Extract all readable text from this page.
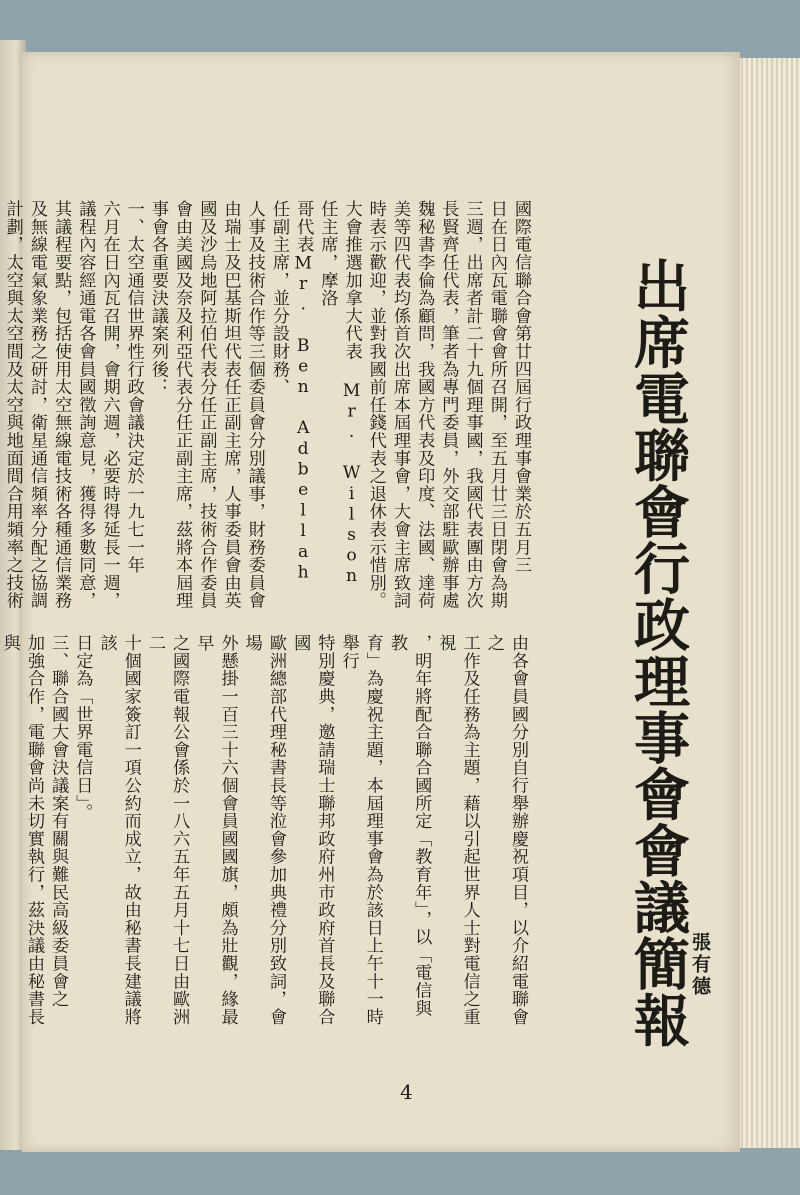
出席電聯會行政理事會會議簡報
張有德

國際電信聯合會第廿四屆行政理事會業於五月三

日在日內瓦電聯會會所召開，至五月廿三日閉會為期

三週，出席者計二十九個理事國，我國代表團由方次

長賢齊任代表，筆者為專門委員，外交部駐歐辦事處

魏秘書李倫為顧問，我國方代表及印度、法國、達荷

美等四代表均係首次出席本屆理事會，大會主席致詞

時表示歡迎，並對我國前任錢代表之退休表示惜別。

大會推選加拿大代表 Mr. Wilson 任主席，摩洛

哥代表Mr. Ben Adbellah 任副主席，並分設財務、

人事及技術合作等三個委員會分別議事，財務委員會

由瑞士及巴基斯坦代表任正副主席，人事委員會由英

國及沙烏地阿拉伯代表分任正副主席，技術合作委員

會由美國及奈及利亞代表分任正副主席，茲將本屆理

事會各重要決議案列後：

一、太空通信世界性行政會議決定於一九七一年

六月在日內瓦召開，會期六週，必要時得延長一週，

議程內容經通電各會員國徵詢意見，獲得多數同意，

其議程要點，包括使用太空無線電技術各種通信業務

及無線電氣象業務之研討，衛星通信頻率分配之協調

計劃，太空與太空間及太空與地面間合用頻率之技術

由各會員國分別自行舉辦慶祝項目，以介紹電聯會之

工作及任務為主題，藉以引起世界人士對電信之重視

，明年將配合聯合國所定「教育年」，以「電信與教

育」為慶祝主題，本屆理事會為於該日上午十一時舉行

特別慶典，邀請瑞士聯邦政府州市政府首長及聯合國

歐洲總部代理秘書長等涖會參加典禮分別致詞，會場

外懸掛一百三十六個會員國國旗，頗為壯觀，緣最早

之國際電報公會係於一八六五年五月十七日由歐洲二

十個國家簽訂一項公約而成立，故由秘書長建議將該

日定為「世界電信日」。

三、聯合國大會決議案有關與難民高級委員會之

加強合作，電聯會尚未切實執行，茲決議由秘書長與

4
